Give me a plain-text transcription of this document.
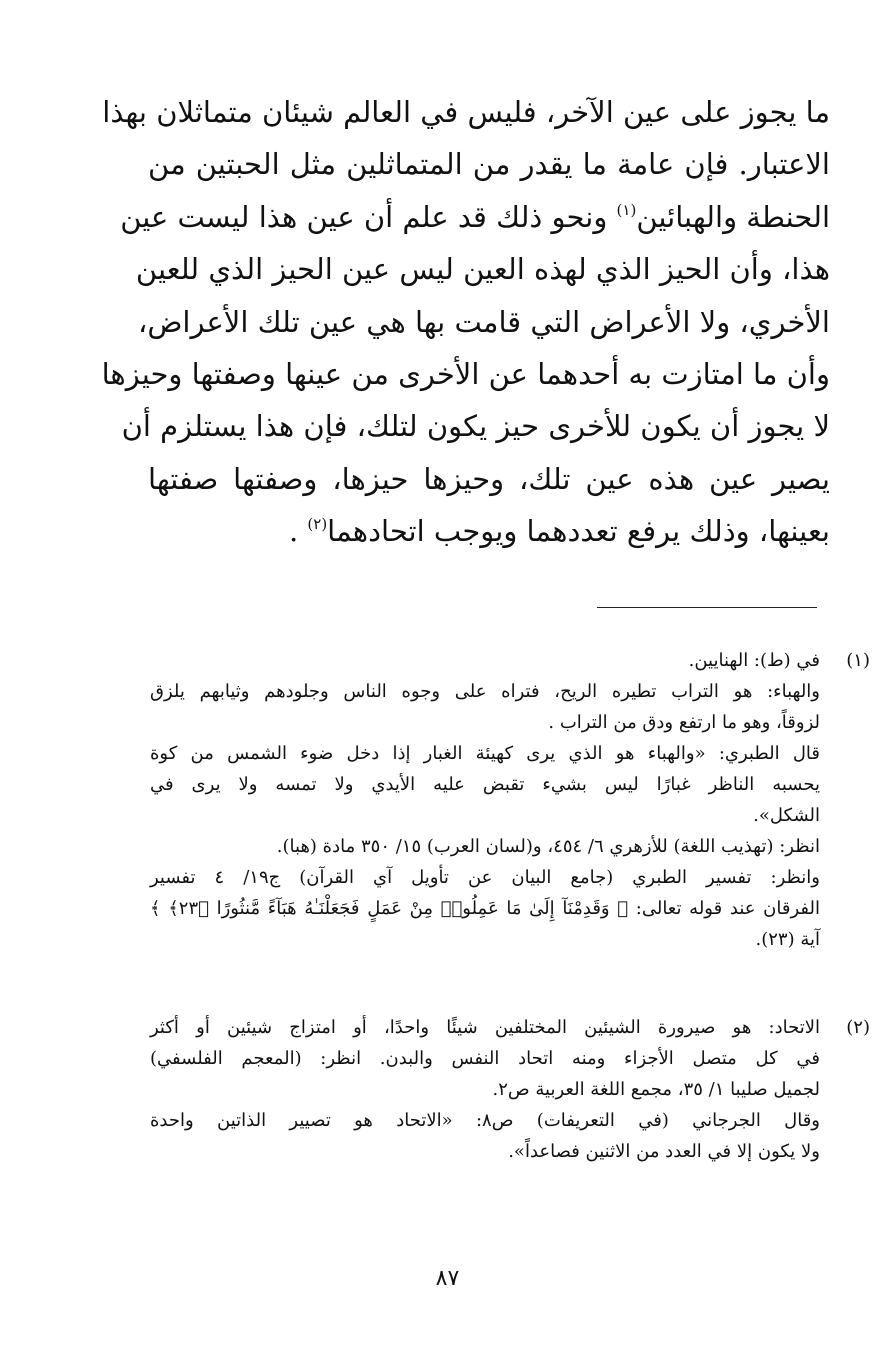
ما يجوز على عين الآخر، فليس في العالم شيئان متماثلان بهذا
الاعتبار. فإن عامة ما يقدر من المتماثلين مثل الحبتين من
الحنطة والهبائين$^{(١)}$ ونحو ذلك قد علم أن عين هذا ليست عين
هذا، وأن الحيز الذي لهذه العين ليس عين الحيز الذي للعين
الأخري، ولا الأعراض التي قامت بها هي عين تلك الأعراض،
وأن ما امتازت به أحدهما عن الأخرى من عينها وصفتها وحيزها
لا يجوز أن يكون للأخرى حيز يكون لتلك، فإن هذا يستلزم أن
يصير عين هذه عين تلك، وحيزها حيزها، وصفتها صفتها
بعينها، وذلك يرفع تعددهما ويوجب اتحادهما$^{(٢)}$ .
(١)
في (ط): الهنايين.
والهباء: هو التراب تطيره الريح، فتراه على وجوه الناس وجلودهم وثيابهم يلزق
لزوقاً، وهو ما ارتفع ودق من التراب .
قال الطبري: «والهباء هو الذي يرى كهيئة الغبار إذا دخل ضوء الشمس من كوة
يحسبه الناظر غبارًا ليس بشيء تقبض عليه الأيدي ولا تمسه ولا يرى في
الشكل».
انظر: (تهذيب اللغة) للأزهري ٦/ ٤٥٤، و(لسان العرب) ١٥/ ٣٥٠ مادة (هبا).
وانظر: تفسير الطبري (جامع البيان عن تأويل آي القرآن) ج١٩/ ٤ تفسير
الفرقان عند قوله تعالى: ﴿ وَقَدِمْنَآ إِلَىٰ مَا عَمِلُوا۟ مِنْ عَمَلٍ فَجَعَلْنَـٰهُ هَبَآءً مَّنثُورًا ﴿٢٣﴾ ﴾
آية (٢٣).
(٢)
الاتحاد: هو صيرورة الشيئين المختلفين شيئًا واحدًا، أو امتزاج شيئين أو أكثر
في كل متصل الأجزاء ومنه اتحاد النفس والبدن. انظر: (المعجم الفلسفي)
لجميل صليبا ١/ ٣٥، مجمع اللغة العربية ص٢.
وقال الجرجاني (في التعريفات) ص٨: «الاتحاد هو تصيير الذاتين واحدة
ولا يكون إلا في العدد من الاثنين فصاعداً».
٨٧
